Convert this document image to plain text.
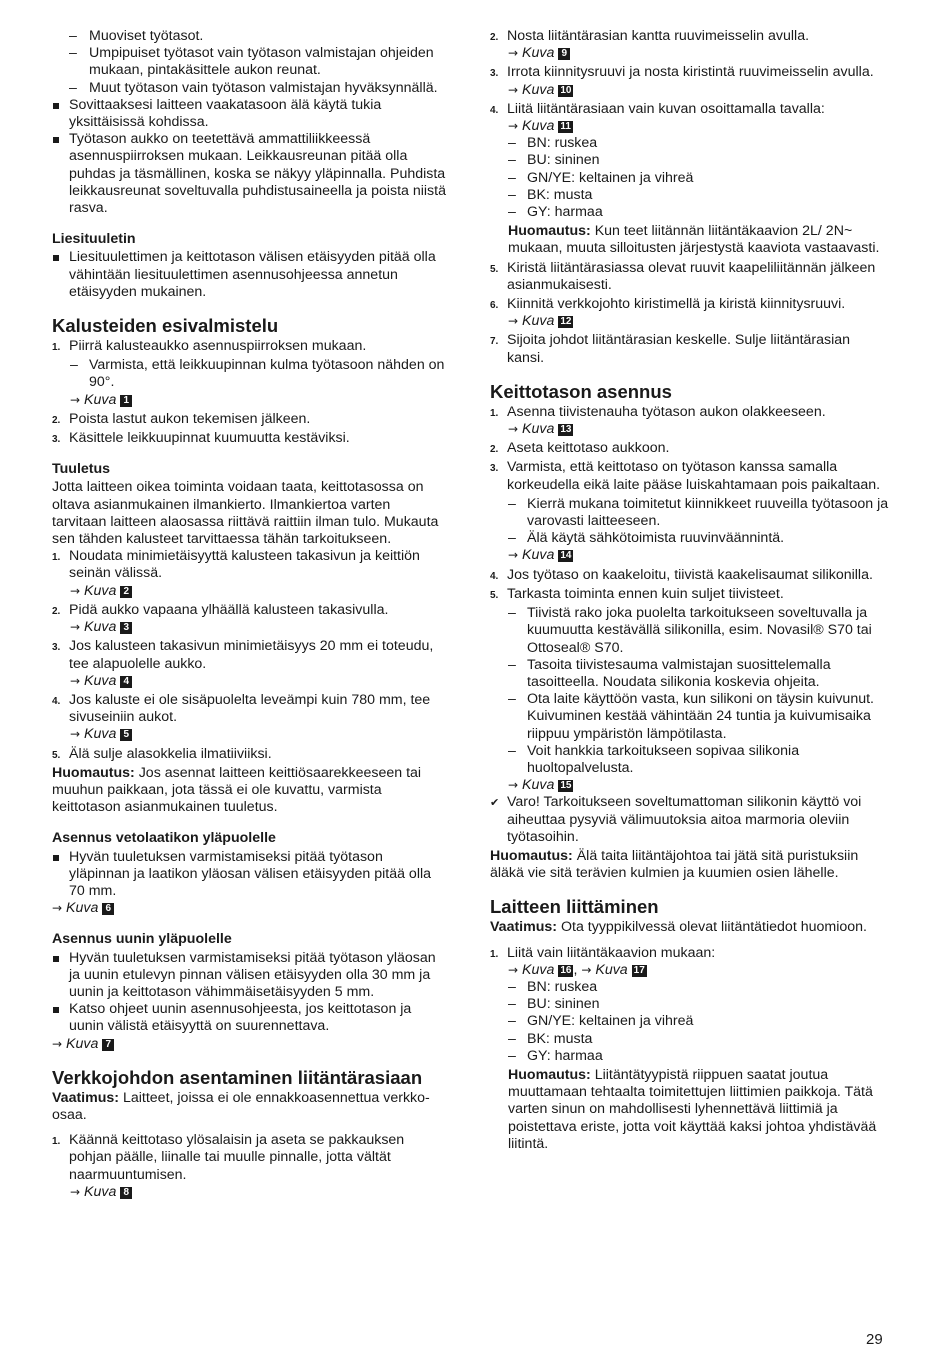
– Muoviset työtasot.

– Umpipuiset työtasot vain työtason valmistajan ohjeiden mukaan, pintakäsittele aukon reunat.

– Muut työtason vain työtason valmistajan hyväksynnällä.

Sovittaaksesi laitteen vaakatasoon älä käytä tukia yksittäisissä kohdissa.

Työtason aukko on teetettävä ammattiliikkeessä asennuspiirroksen mukaan. Leikkausreunan pitää olla puhdas ja täsmällinen, koska se näkyy yläpinnalla. Puhdista leikkausreunat soveltuvalla puhdistusaineella ja poista niistä rasva.

Liesituuletin

Liesituulettimen ja keittotason välisen etäisyyden pitää olla vähintään liesituulettimen asennusohjeessa annetun etäisyyden mukainen.

Kalusteiden esivalmistelu

1. Piirrä kalusteaukko asennuspiirroksen mukaan.

– Varmista, että leikkuupinnan kulma työtasoon nähden on 90°.

→ Kuva 1
2. Poista lastut aukon tekemisen jälkeen.
3. Käsittele leikkuupinnat kuumuutta kestäviksi.

Tuuletus

Jotta laitteen oikea toiminta voidaan taata, keittotasossa on oltava asianmukainen ilmankierto. Ilmankiertoa varten tarvitaan laitteen alaosassa riittävä raittiin ilman tulo. Mukauta sen tähden kalusteet tarvittaessa tähän tarkoitukseen.

1. Noudata minimietäisyyttä kalusteen takasivun ja keittiön seinän välissä.
→ Kuva 2
2. Pidä aukko vapaana ylhäällä kalusteen takasivulla.
→ Kuva 3
3. Jos kalusteen takasivun minimietäisyys 20 mm ei toteudu, tee alapuolelle aukko.
→ Kuva 4
4. Jos kaluste ei ole sisäpuolelta leveämpi kuin 780 mm, tee sivuseiniin aukot.
→ Kuva 5
5. Älä sulje alasokkelia ilmatiiviiksi.

Huomautus: Jos asennat laitteen keittiösaarekkeeseen tai muuhun paikkaan, jota tässä ei ole kuvattu, varmista keittotason asianmukainen tuuletus.

Asennus vetolaatikon yläpuolelle

Hyvän tuuletuksen varmistamiseksi pitää työtason yläpinnan ja laatikon yläosan välisen etäisyyden pitää olla 70 mm.

→ Kuva 6

Asennus uunin yläpuolelle

Hyvän tuuletuksen varmistamiseksi pitää työtason yläosan ja uunin etulevyn pinnan välisen etäisyyden olla 30 mm ja uunin ja keittotason vähimmäisetäisyyden 5 mm.

Katso ohjeet uunin asennusohjeesta, jos keittotason ja uunin välistä etäisyyttä on suurennettava.

→ Kuva 7

Verkkojohdon asentaminen liitäntärasiaan

Vaatimus: Laitteet, joissa ei ole ennakkoasennettua verkko-osaa.

1. Käännä keittotaso ylösalaisin ja aseta se pakkauksen pohjan päälle, liinalle tai muulle pinnalle, jotta vältät naarmuuntumisen.
→ Kuva 8
2. Nosta liitäntärasian kantta ruuvimeisselin avulla.
→ Kuva 9
3. Irrota kiinnitysruuvi ja nosta kiristintä ruuvimeisselin avulla.
→ Kuva 10
4. Liitä liitäntärasiaan vain kuvan osoittamalla tavalla:
→ Kuva 11

– BN: ruskea

– BU: sininen

– GN/YE: keltainen ja vihreä

– BK: musta

– GY: harmaa

Huomautus: Kun teet liitännän liitäntäkaavion 2L/ 2N~ mukaan, muuta silloitusten järjestystä kaaviota vastaavasti.

5. Kiristä liitäntärasiassa olevat ruuvit kaapeliliitännän jälkeen asianmukaisesti.
6. Kiinnitä verkkojohto kiristimellä ja kiristä kiinnitysruuvi.
→ Kuva 12
7. Sijoita johdot liitäntärasian keskelle. Sulje liitäntärasian kansi.

Keittotason asennus

1. Asenna tiivistenauha työtason aukon olakkeeseen.
→ Kuva 13
2. Aseta keittotaso aukkoon.
3. Varmista, että keittotaso on työtason kanssa samalla korkeudella eikä laite pääse luiskahtamaan pois paikaltaan.

– Kierrä mukana toimitetut kiinnikkeet ruuveilla työtasoon ja varovasti laitteeseen.

– Älä käytä sähkötoimista ruuvinväännintä.

→ Kuva 14
4. Jos työtaso on kaakeloitu, tiivistä kaakelisaumat silikonilla.
5. Tarkasta toiminta ennen kuin suljet tiivisteet.

– Tiivistä rako joka puolelta tarkoitukseen soveltuvalla ja kuumuutta kestävällä silikonilla, esim. Novasil® S70 tai Ottoseal® S70.

– Tasoita tiivistesauma valmistajan suosittelemalla tasoitteella. Noudata silikonia koskevia ohjeita.

– Ota laite käyttöön vasta, kun silikoni on täysin kuivunut. Kuivuminen kestää vähintään 24 tuntia ja kuivumisaika riippuu ympäristön lämpötilasta.

– Voit hankkia tarkoitukseen sopivaa silikonia huoltopalvelusta.

→ Kuva 15

✔ Varo! Tarkoitukseen soveltumattoman silikonin käyttö voi aiheuttaa pysyviä välimuutoksia aitoa marmoria oleviin työtasoihin.

Huomautus: Älä taita liitäntäjohtoa tai jätä sitä puristuksiin äläkä vie sitä terävien kulmien ja kuumien osien lähelle.

Laitteen liittäminen

Vaatimus: Ota tyyppikilvessä olevat liitäntätiedot huomioon.

1. Liitä vain liitäntäkaavion mukaan:
→ Kuva 16 , → Kuva 17

– BN: ruskea

– BU: sininen

– GN/YE: keltainen ja vihreä

– BK: musta

– GY: harmaa

Huomautus: Liitäntätyypistä riippuen saatat joutua muuttamaan tehtaalta toimitettujen liittimien paikkoja. Tätä varten sinun on mahdollisesti lyhennettävä liittimiä ja poistettava eriste, jotta voit käyttää kaksi johtoa yhdistävää liitintä.

29
